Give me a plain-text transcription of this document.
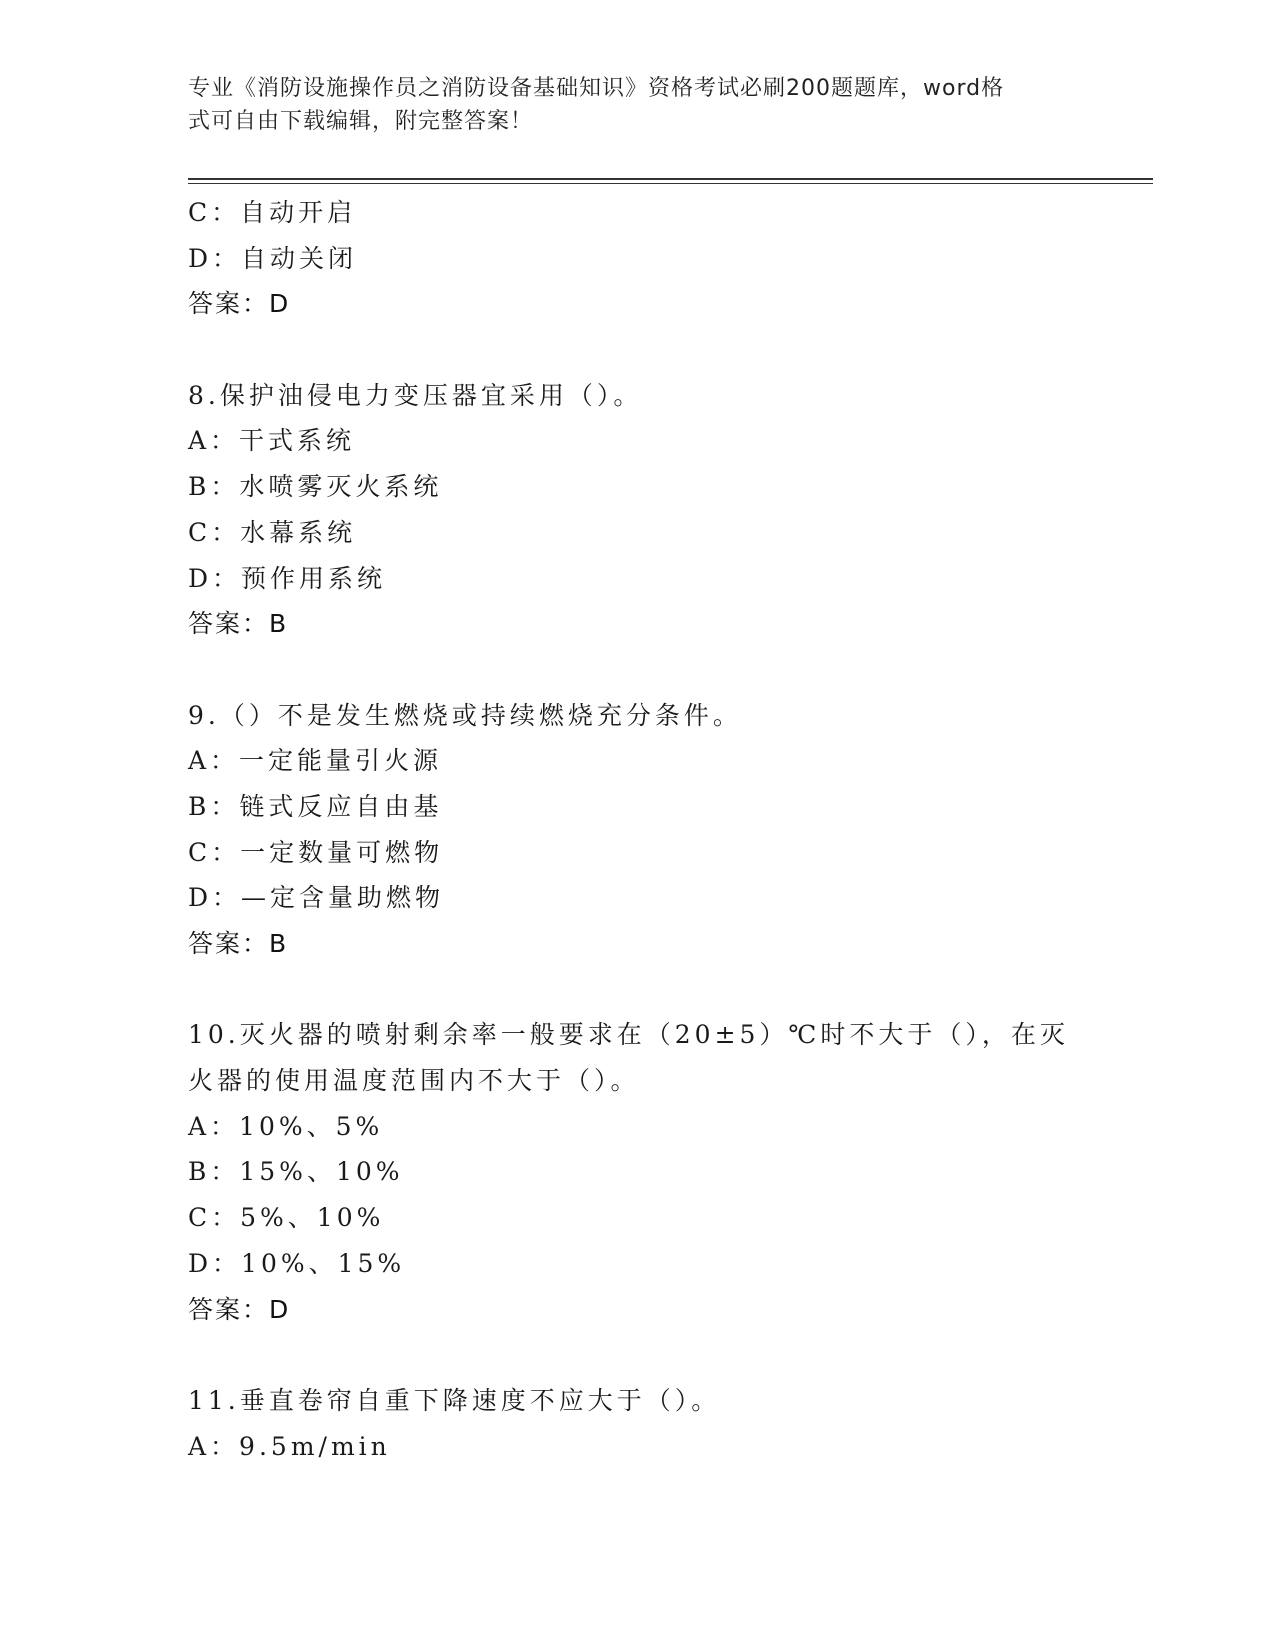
专业《消防设施操作员之消防设备基础知识》资格考试必刷200题题库，word格
式可自由下载编辑，附完整答案！
C：自动开启
D：自动关闭
答案：D
8.保护油侵电力变压器宜采用（）。
A：干式系统
B：水喷雾灭火系统
C：水幕系统
D：预作用系统
答案：B
9.（）不是发生燃烧或持续燃烧充分条件。
A：一定能量引火源
B：链式反应自由基
C：一定数量可燃物
D：—定含量助燃物
答案：B
10.灭火器的喷射剩余率一般要求在（20±5）℃时不大于（），在灭
火器的使用温度范围内不大于（）。
A：10%、5%
B：15%、10%
C：5%、10%
D：10%、15%
答案：D
11.垂直卷帘自重下降速度不应大于（）。
A：9.5m/min
